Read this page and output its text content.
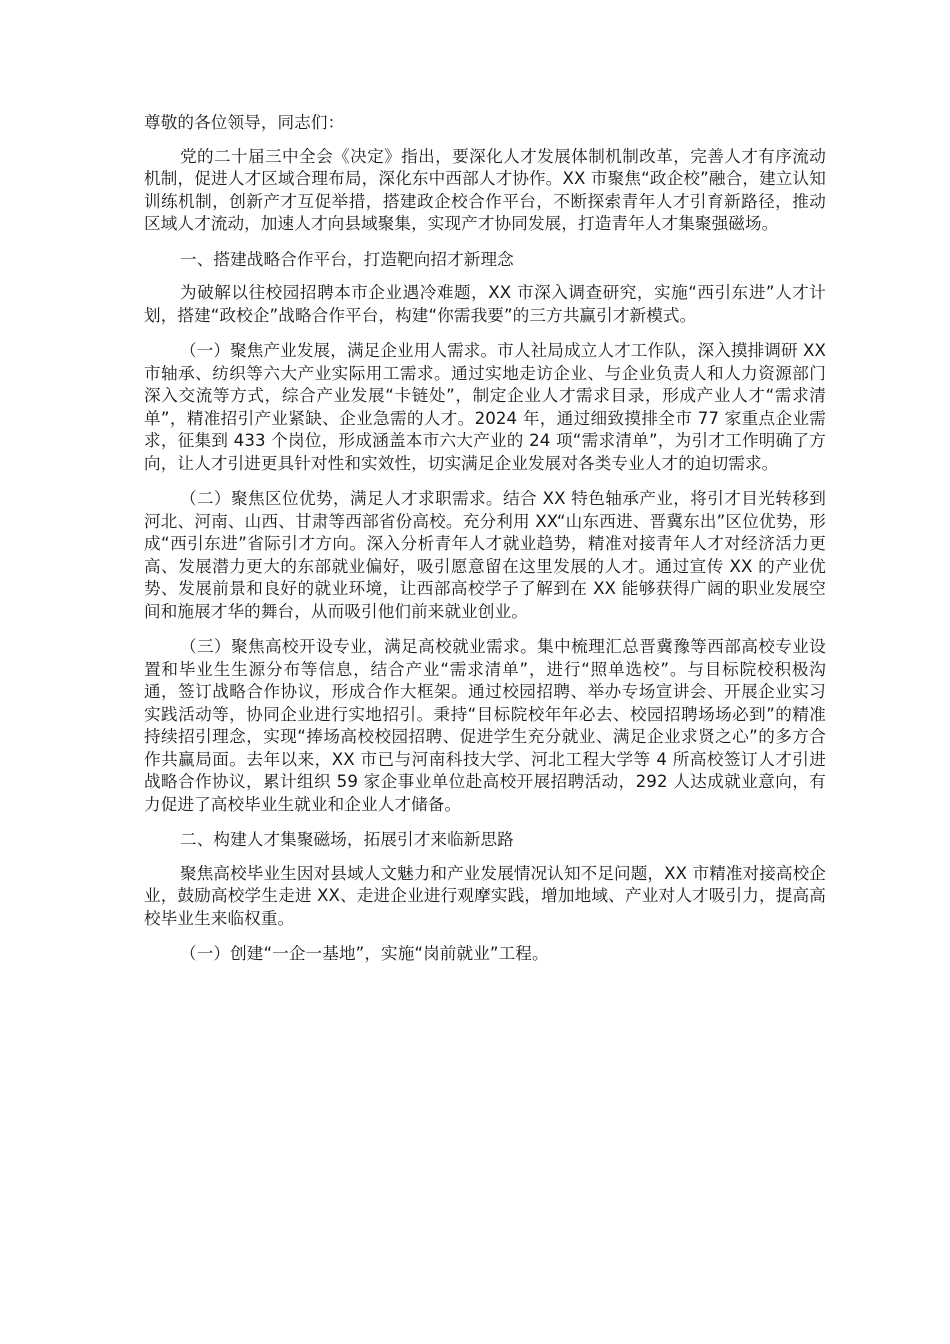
尊敬的各位领导，同志们：

党的二十届三中全会《决定》指出，要深化人才发展体制机制改革，完善人才有序流动机制，促进人才区域合理布局，深化东中西部人才协作。XX 市聚焦“政企校”融合，建立认知训练机制，创新产才互促举措，搭建政企校合作平台，不断探索青年人才引育新路径，推动区域人才流动，加速人才向县域聚集，实现产才协同发展，打造青年人才集聚强磁场。

一、搭建战略合作平台，打造靶向招才新理念

为破解以往校园招聘本市企业遇冷难题，XX 市深入调查研究，实施“西引东进”人才计划，搭建“政校企”战略合作平台，构建“你需我要”的三方共赢引才新模式。

（一）聚焦产业发展，满足企业用人需求。市人社局成立人才工作队，深入摸排调研 XX 市轴承、纺织等六大产业实际用工需求。通过实地走访企业、与企业负责人和人力资源部门深入交流等方式，综合产业发展“卡链处”，制定企业人才需求目录，形成产业人才“需求清单”，精准招引产业紧缺、企业急需的人才。2024 年，通过细致摸排全市 77 家重点企业需求，征集到 433 个岗位，形成涵盖本市六大产业的 24 项“需求清单”，为引才工作明确了方向，让人才引进更具针对性和实效性，切实满足企业发展对各类专业人才的迫切需求。

（二）聚焦区位优势，满足人才求职需求。结合 XX 特色轴承产业，将引才目光转移到河北、河南、山西、甘肃等西部省份高校。充分利用 XX“山东西进、晋冀东出”区位优势，形成“西引东进”省际引才方向。深入分析青年人才就业趋势，精准对接青年人才对经济活力更高、发展潜力更大的东部就业偏好，吸引愿意留在这里发展的人才。通过宣传 XX 的产业优势、发展前景和良好的就业环境，让西部高校学子了解到在 XX 能够获得广阔的职业发展空间和施展才华的舞台，从而吸引他们前来就业创业。

（三）聚焦高校开设专业，满足高校就业需求。集中梳理汇总晋冀豫等西部高校专业设置和毕业生生源分布等信息，结合产业“需求清单”，进行“照单选校”。与目标院校积极沟通，签订战略合作协议，形成合作大框架。通过校园招聘、举办专场宣讲会、开展企业实习实践活动等，协同企业进行实地招引。秉持“目标院校年年必去、校园招聘场场必到”的精准持续招引理念，实现“捧场高校校园招聘、促进学生充分就业、满足企业求贤之心”的多方合作共赢局面。去年以来，XX 市已与河南科技大学、河北工程大学等 4 所高校签订人才引进战略合作协议，累计组织 59 家企事业单位赴高校开展招聘活动，292 人达成就业意向，有力促进了高校毕业生就业和企业人才储备。

二、构建人才集聚磁场，拓展引才来临新思路

聚焦高校毕业生因对县域人文魅力和产业发展情况认知不足问题，XX 市精准对接高校企业，鼓励高校学生走进 XX、走进企业进行观摩实践，增加地域、产业对人才吸引力，提高高校毕业生来临权重。

（一）创建“一企一基地”，实施“岗前就业”工程。
